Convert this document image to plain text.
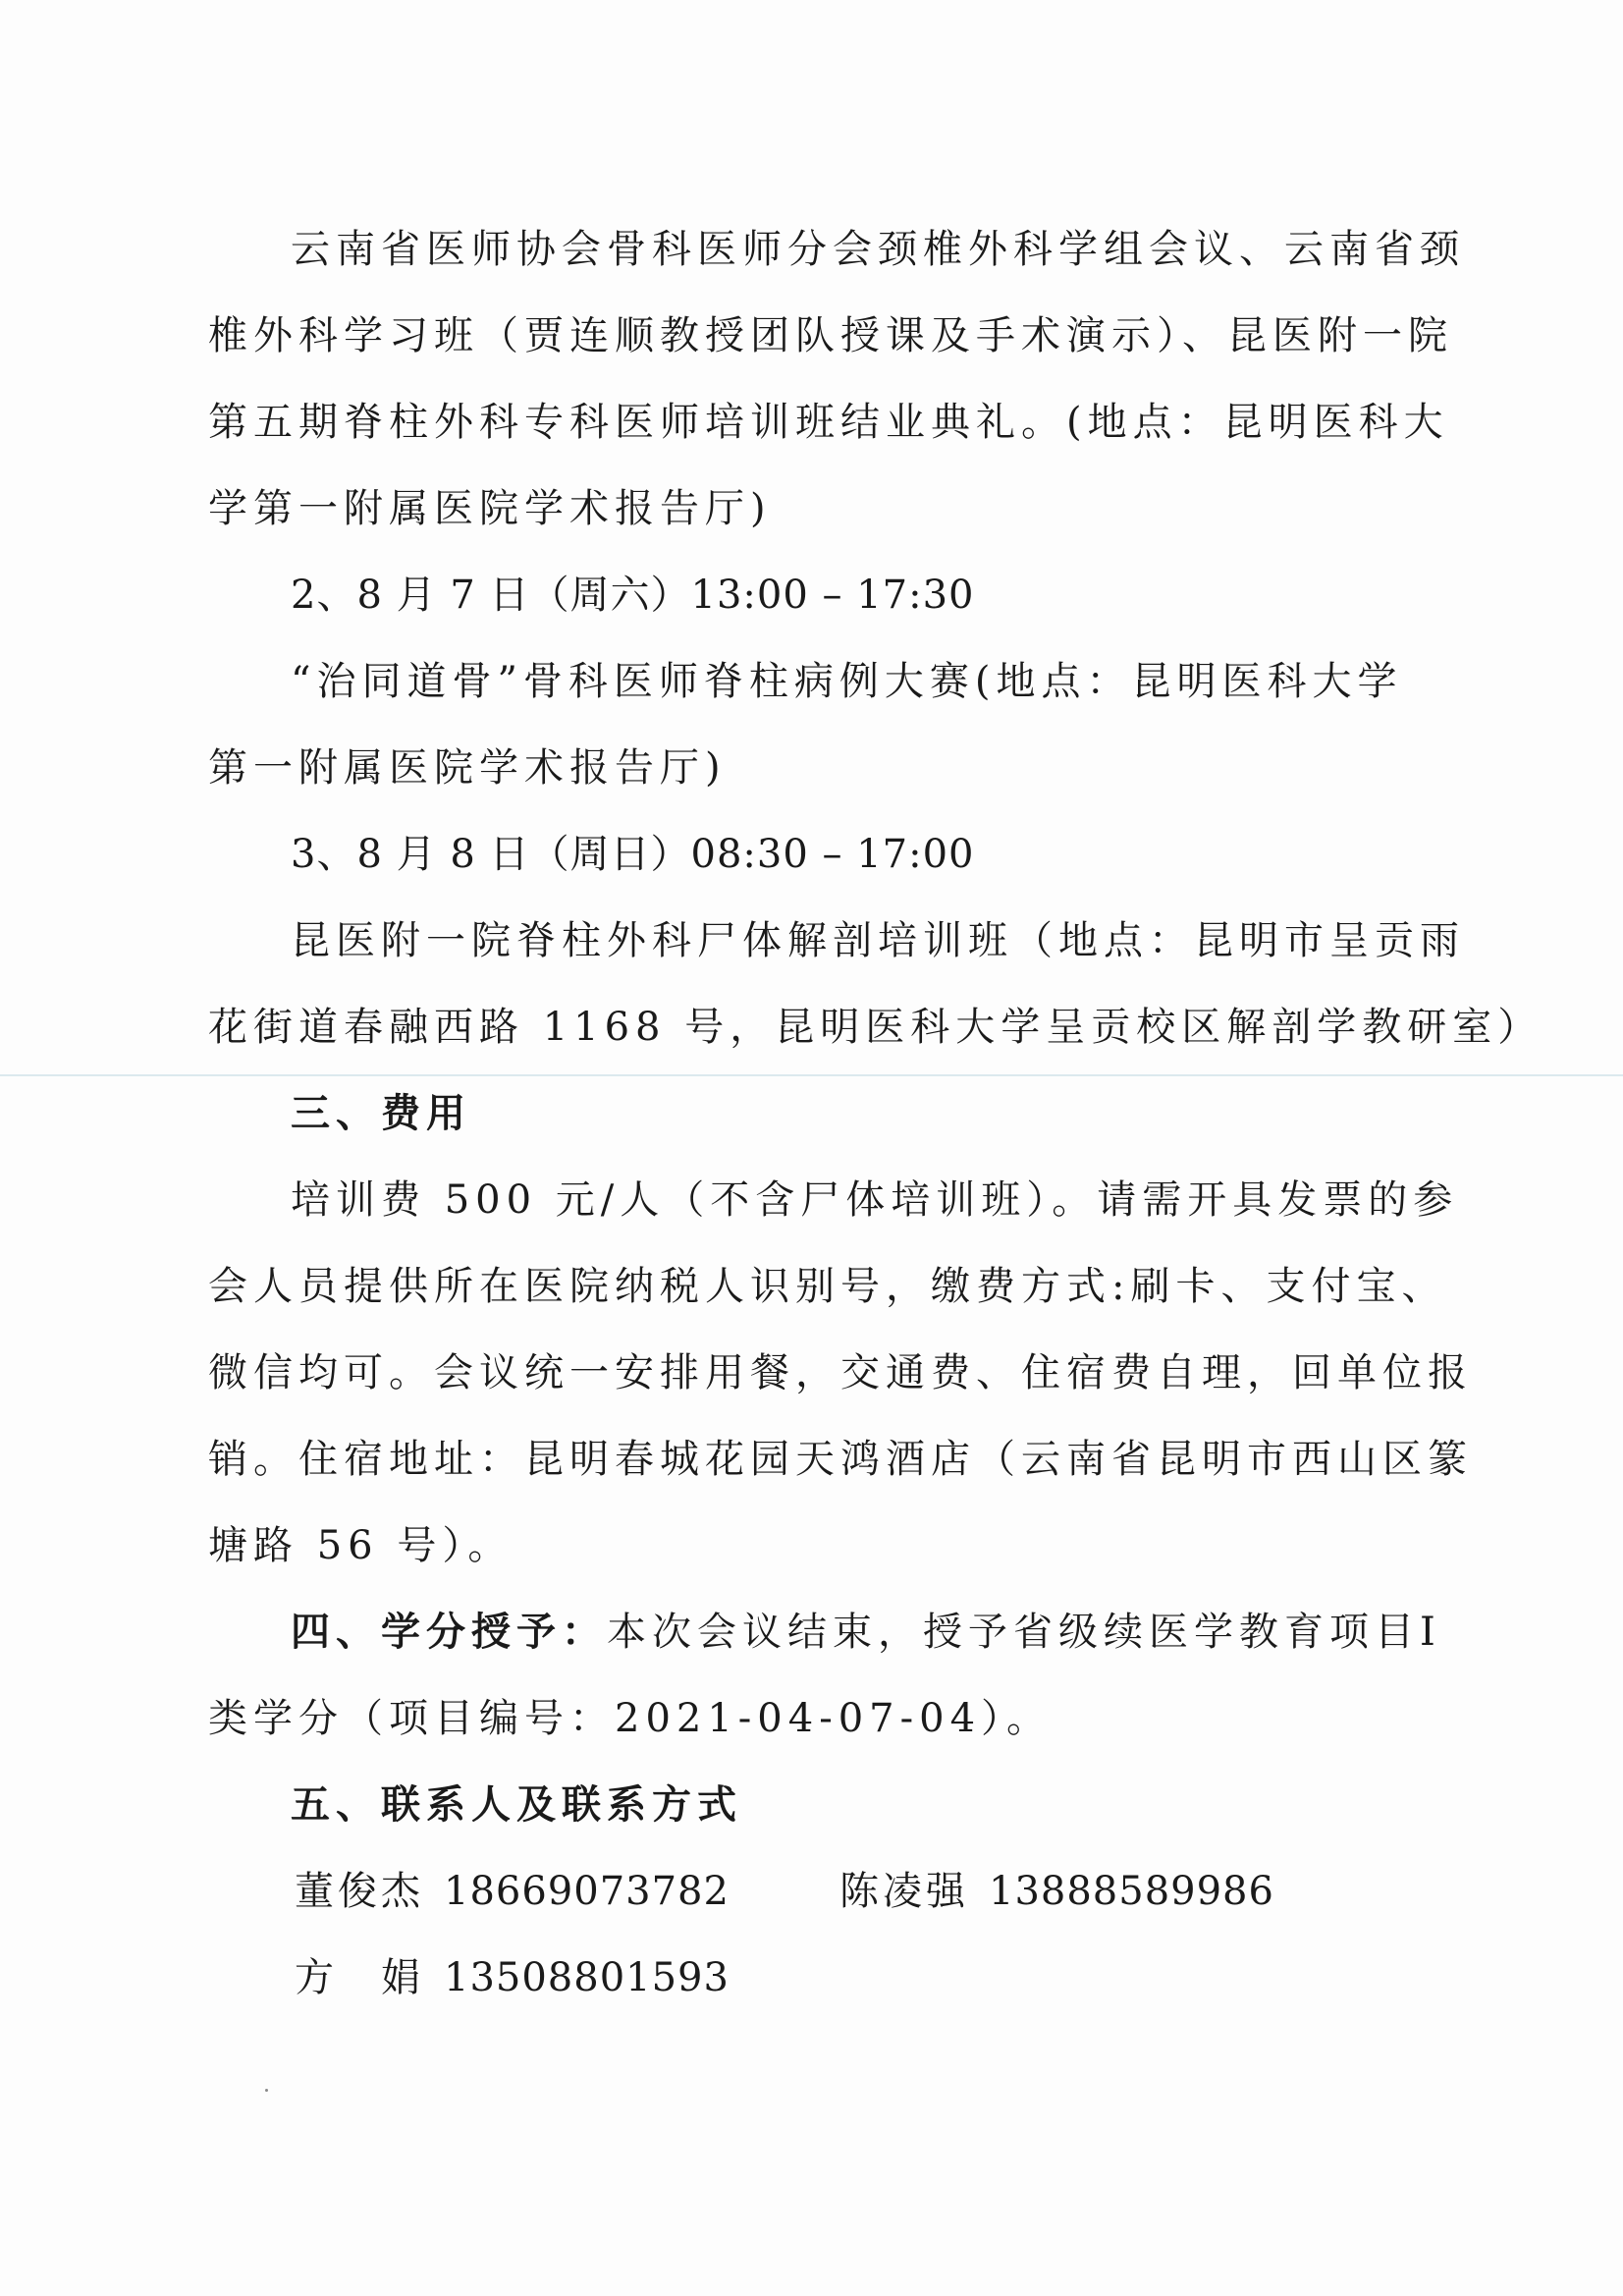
云南省医师协会骨科医师分会颈椎外科学组会议、云南省颈
椎外科学习班（贾连顺教授团队授课及手术演示）、昆医附一院
第五期脊柱外科专科医师培训班结业典礼。(地点：昆明医科大
学第一附属医院学术报告厅)
2、8 月 7 日（周六）13:00 – 17:30
“治同道骨”骨科医师脊柱病例大赛(地点：昆明医科大学
第一附属医院学术报告厅)
3、8 月 8 日（周日）08:30 – 17:00
昆医附一院脊柱外科尸体解剖培训班（地点：昆明市呈贡雨
花街道春融西路 1168 号，昆明医科大学呈贡校区解剖学教研室）
三、费用
培训费 500 元/人（不含尸体培训班）。请需开具发票的参
会人员提供所在医院纳税人识别号，缴费方式:刷卡、支付宝、
微信均可。会议统一安排用餐，交通费、住宿费自理，回单位报
销。住宿地址：昆明春城花园天鸿酒店（云南省昆明市西山区篆
塘路 56 号）。
四、学分授予：本次会议结束，授予省级续医学教育项目Ⅰ
类学分（项目编号：2021-04-07-04）。
五、联系人及联系方式
董俊杰 18669073782	陈凌强 13888589986
方　娟 13508801593
